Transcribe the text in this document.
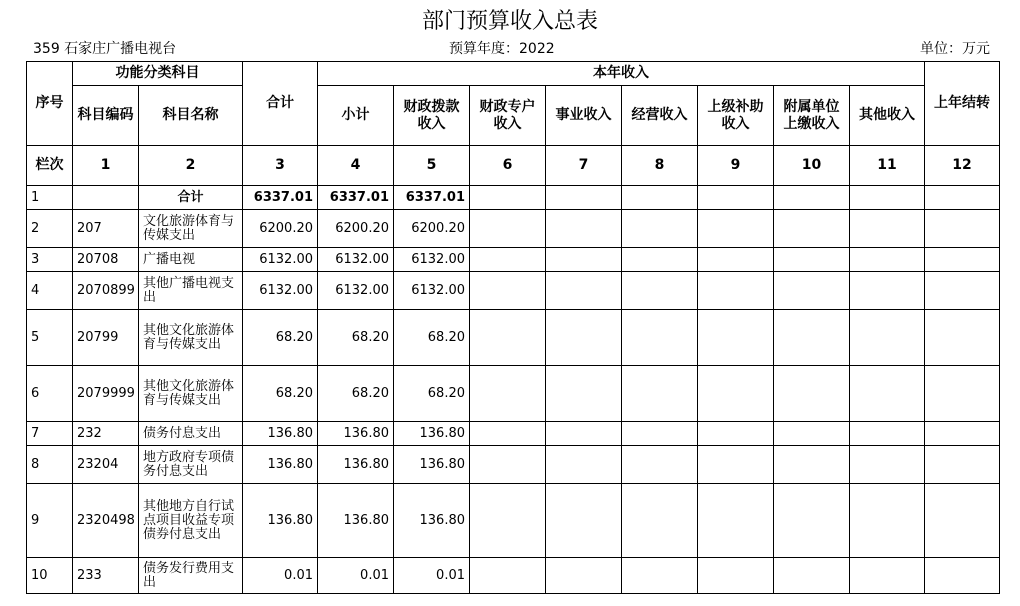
部门预算收入总表
359 石家庄广播电视台	预算年度：2022	单位：万元
序号	功能分类科目		合计	本年收入								上年结转
	科目编码	科目名称		小计	财政拨款 收入	财政专户 收入	事业收入	经营收入	上级补助收入	附属单位上缴收入	其他收入	
栏次	1	2	3	4	5	6	7	8	9	10	11	12
1		合计	6337.01	6337.01	6337.01							
2	207	文化旅游体育与传媒支出	6200.20	6200.20	6200.20							
3	20708	广播电视	6132.00	6132.00	6132.00							
4	2070899	其他广播电视支出	6132.00	6132.00	6132.00							
5	20799	其他文化旅游体育与传媒支出	68.20	68.20	68.20							
6	2079999	其他文化旅游体育与传媒支出	68.20	68.20	68.20							
7	232	债务付息支出	136.80	136.80	136.80							
8	23204	地方政府专项债务付息支出	136.80	136.80	136.80							
9	2320498	其他地方自行试点项目收益专项债券付息支出	136.80	136.80	136.80							
10	233	债务发行费用支出	0.01	0.01	0.01							
